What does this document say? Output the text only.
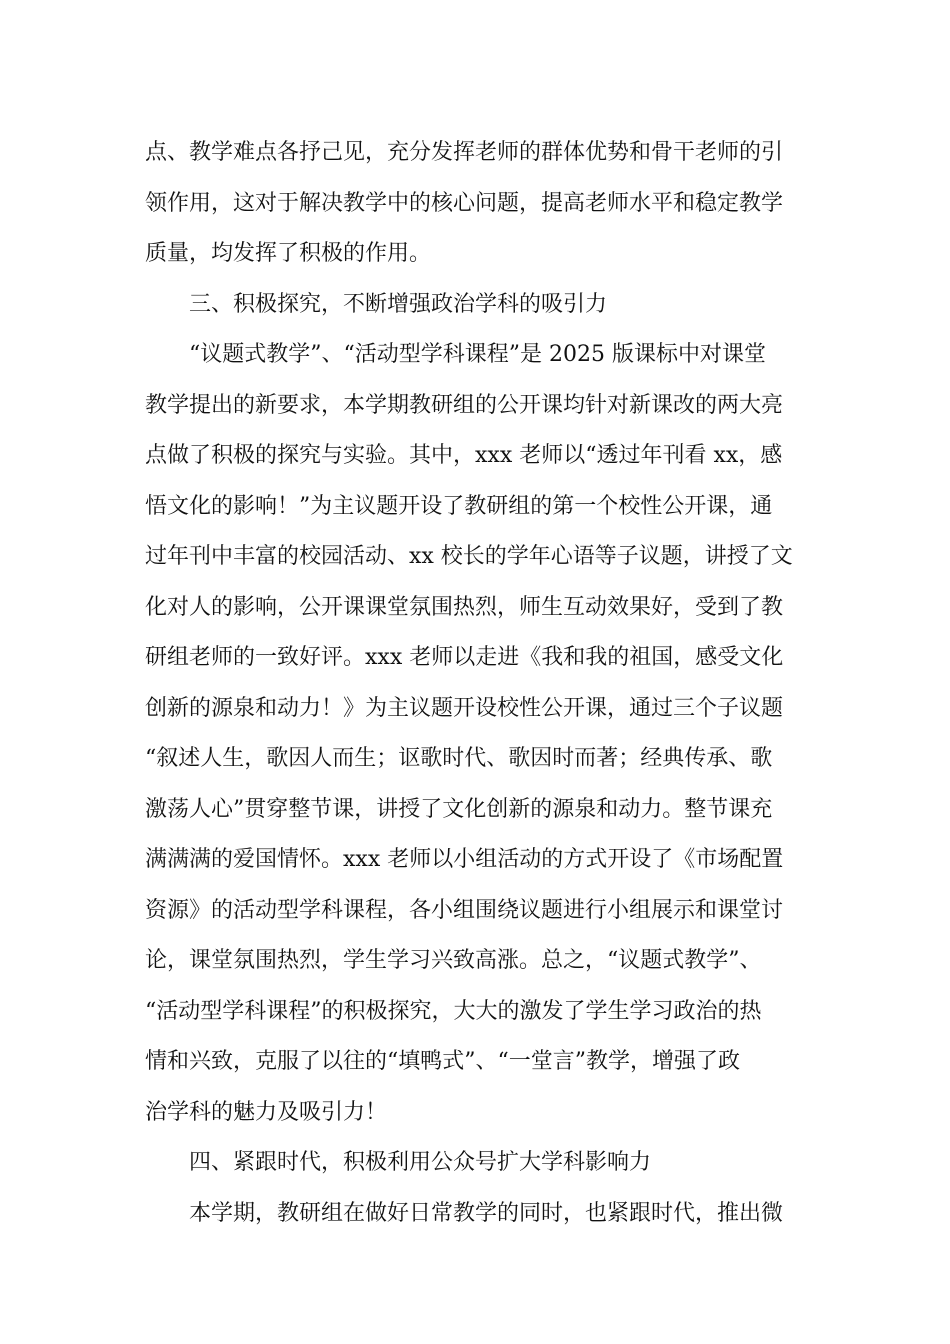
点、教学难点各抒己见，充分发挥老师的群体优势和骨干老师的引
领作用，这对于解决教学中的核心问题，提高老师水平和稳定教学
质量，均发挥了积极的作用。
三、积极探究，不断增强政治学科的吸引力
“议题式教学”、“活动型学科课程”是 2025 版课标中对课堂
教学提出的新要求，本学期教研组的公开课均针对新课改的两大亮
点做了积极的探究与实验。其中，xxx 老师以“透过年刊看 xx，感
悟文化的影响！”为主议题开设了教研组的第一个校性公开课，通
过年刊中丰富的校园活动、xx 校长的学年心语等子议题，讲授了文
化对人的影响，公开课课堂氛围热烈，师生互动效果好，受到了教
研组老师的一致好评。xxx 老师以走进《我和我的祖国，感受文化
创新的源泉和动力！》为主议题开设校性公开课，通过三个子议题
“叙述人生，歌因人而生；讴歌时代、歌因时而著；经典传承、歌
激荡人心”贯穿整节课，讲授了文化创新的源泉和动力。整节课充
满满满的爱国情怀。xxx 老师以小组活动的方式开设了《市场配置
资源》的活动型学科课程，各小组围绕议题进行小组展示和课堂讨
论，课堂氛围热烈，学生学习兴致高涨。总之，“议题式教学”、
“活动型学科课程”的积极探究，大大的激发了学生学习政治的热
情和兴致，克服了以往的“填鸭式”、“一堂言”教学，增强了政
治学科的魅力及吸引力！
四、紧跟时代，积极利用公众号扩大学科影响力
本学期，教研组在做好日常教学的同时，也紧跟时代，推出微
